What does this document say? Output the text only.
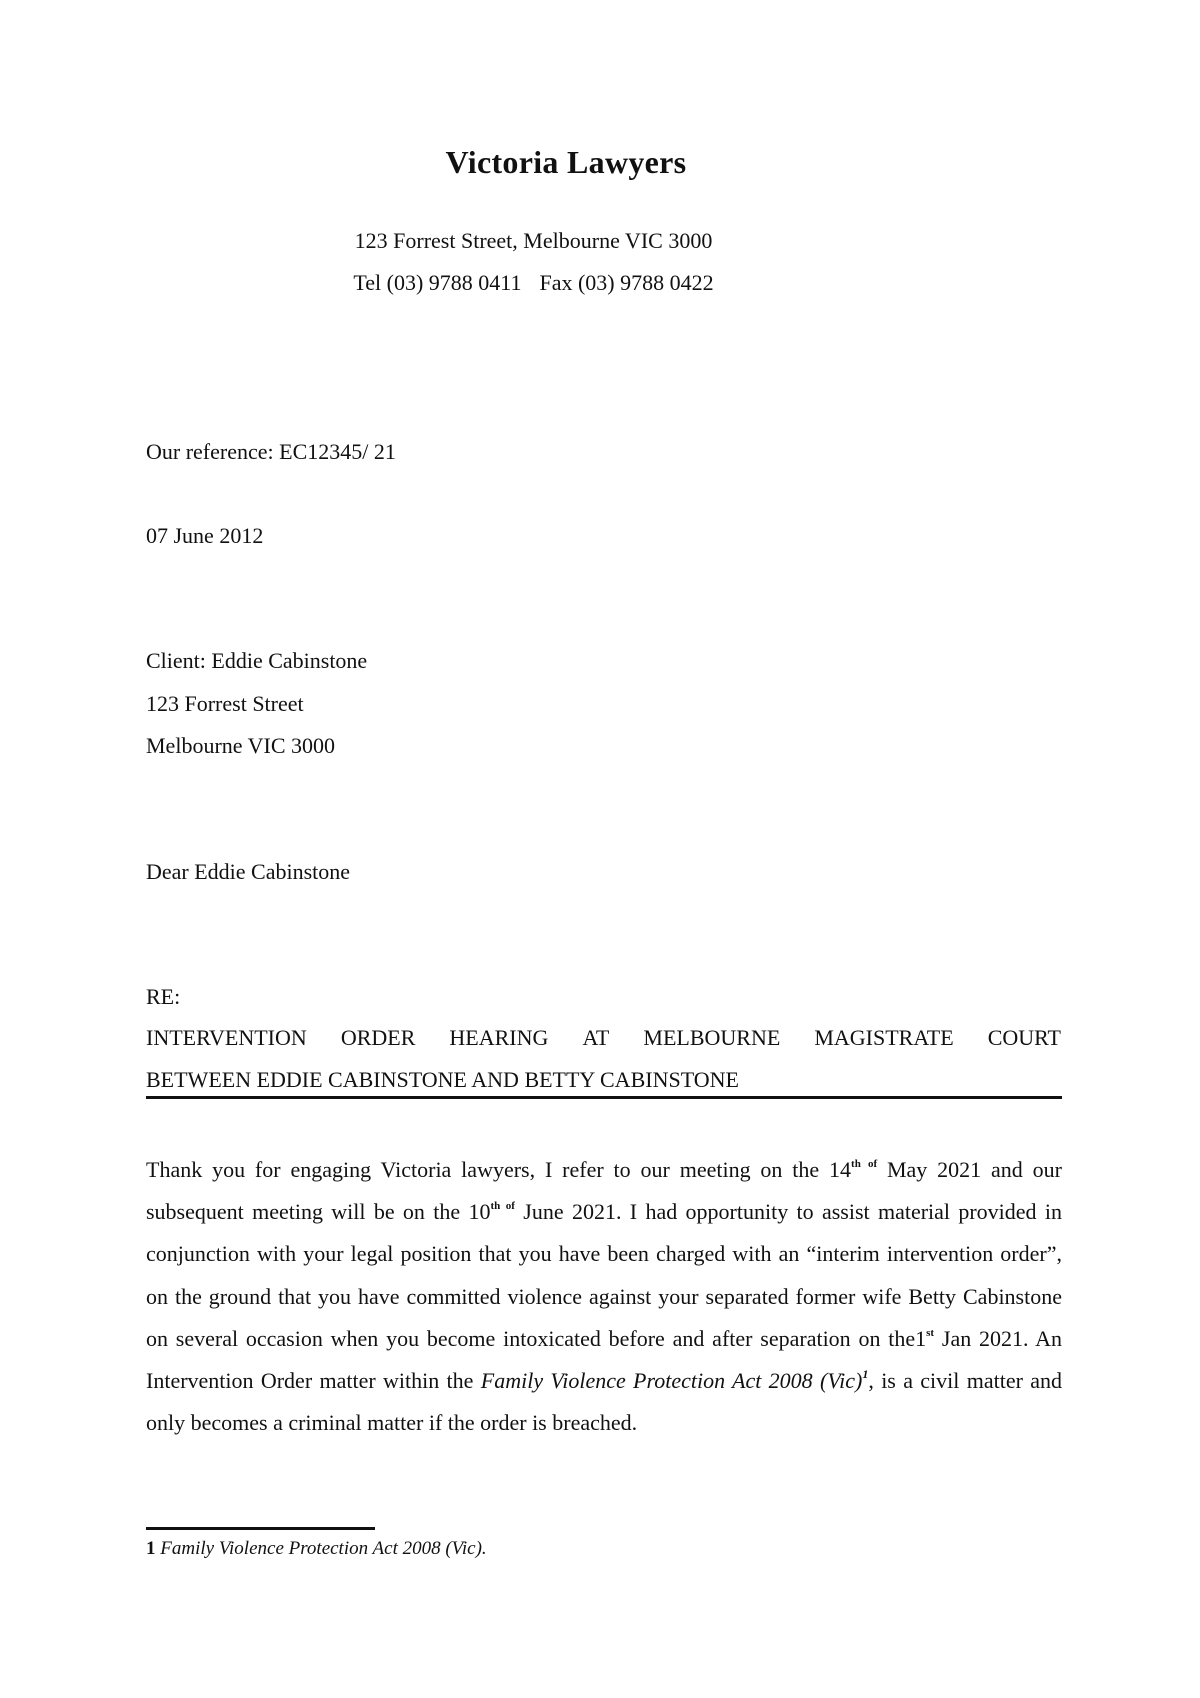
Victoria Lawyers
123 Forrest Street, Melbourne VIC 3000
Tel (03) 9788 0411 Fax (03) 9788 0422
Our reference: EC12345/ 21
07 June 2012
Client: Eddie Cabinstone
123 Forrest Street
Melbourne VIC 3000
Dear Eddie Cabinstone
RE:
INTERVENTION ORDER HEARING AT MELBOURNE MAGISTRATE COURT
BETWEEN EDDIE CABINSTONE AND BETTY CABINSTONE
Thank you for engaging Victoria lawyers, I refer to our meeting on the $14^{th of}$ May 2021 and our subsequent meeting will be on the $10^{th of}$ June 2021. I had opportunity to assist material provided in conjunction with your legal position that you have been charged with an “interim intervention order”, on the ground that you have committed violence against your separated former wife Betty Cabinstone on several occasion when you become intoxicated before and after separation on the1st Jan 2021. An Intervention Order matter within the Family Violence Protection Act 2008 (Vic)$^1$, is a civil matter and only becomes a criminal matter if the order is breached.
1 Family Violence Protection Act 2008 (Vic).
